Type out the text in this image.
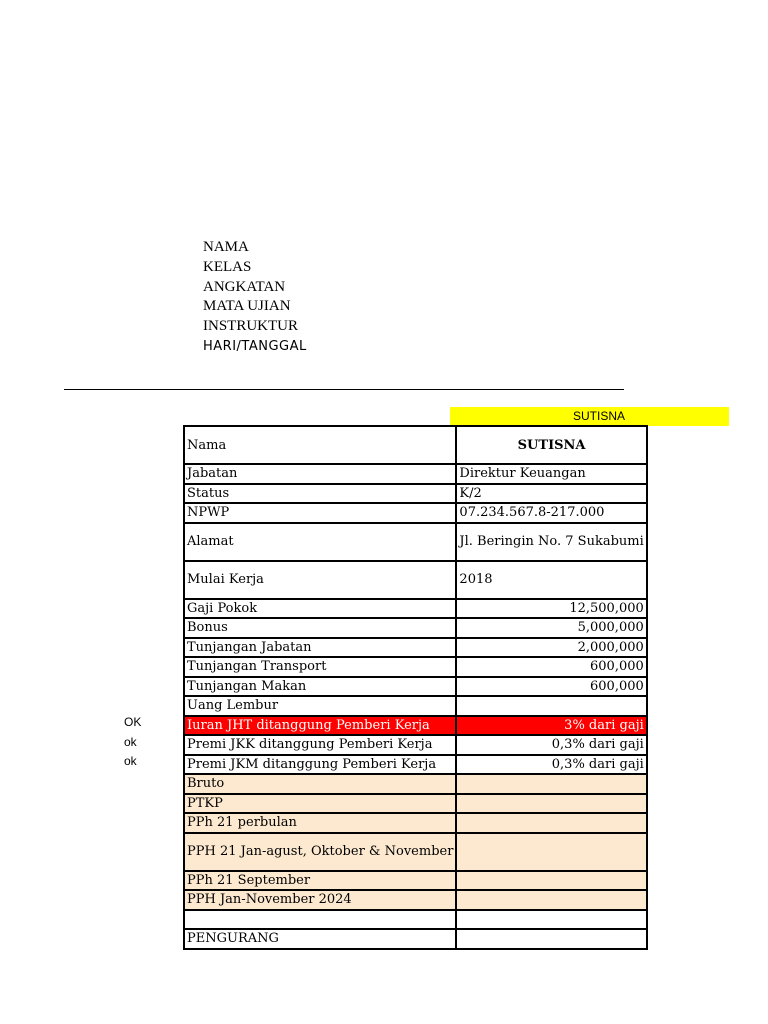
NAMA
KELAS
ANGKATAN
MATA UJIAN
INSTRUKTUR
HARI/TANGGAL
SUTISNA
OK
ok
ok
Nama	SUTISNA
Jabatan	Direktur Keuangan
Status	K/2
NPWP	07.234.567.8-217.000
Alamat	Jl. Beringin No. 7 Sukabumi
Mulai Kerja	2018
Gaji Pokok	12,500,000
Bonus	5,000,000
Tunjangan Jabatan	2,000,000
Tunjangan Transport	600,000
Tunjangan Makan	600,000
Uang Lembur	
Iuran JHT ditanggung Pemberi Kerja	3% dari gaji
Premi JKK ditanggung Pemberi Kerja	0,3% dari gaji
Premi JKM ditanggung Pemberi Kerja	0,3% dari gaji
Bruto	
PTKP	
PPh 21 perbulan	
PPH 21 Jan-agust, Oktober & November	
PPh 21 September	
PPH Jan-November 2024	

PENGURANG	
